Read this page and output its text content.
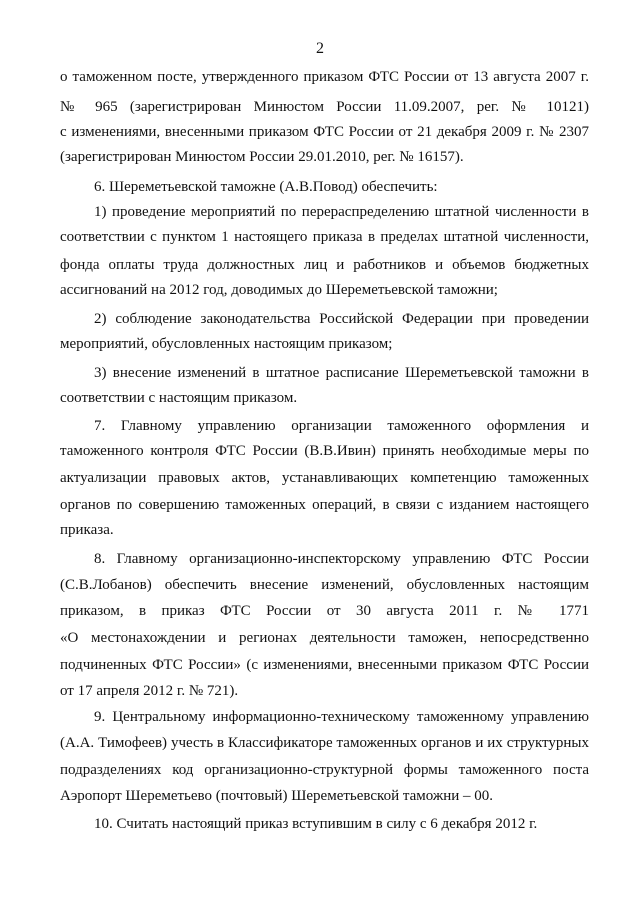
2
о таможенном посте, утвержденного приказом ФТС России от 13 августа 2007 г.
№ 965 (зарегистрирован Минюстом России 11.09.2007, рег. № 10121)
с изменениями, внесенными приказом ФТС России от 21 декабря 2009 г. № 2307
(зарегистрирован Минюстом России 29.01.2010, рег. № 16157).
6. Шереметьевской таможне (А.В.Повод) обеспечить:
1) проведение мероприятий по перераспределению штатной численности в
соответствии с пунктом 1 настоящего приказа в пределах штатной численности,
фонда оплаты труда должностных лиц и работников и объемов бюджетных
ассигнований на 2012 год, доводимых до Шереметьевской таможни;
2) соблюдение законодательства Российской Федерации при проведении
мероприятий, обусловленных настоящим приказом;
3) внесение изменений в штатное расписание Шереметьевской таможни в
соответствии с настоящим приказом.
7. Главному управлению организации таможенного оформления и
таможенного контроля ФТС России (В.В.Ивин) принять необходимые меры по
актуализации правовых актов, устанавливающих компетенцию таможенных
органов по совершению таможенных операций, в связи с изданием настоящего
приказа.
8. Главному организационно-инспекторскому управлению ФТС России
(С.В.Лобанов) обеспечить внесение изменений, обусловленных настоящим
приказом, в приказ ФТС России от 30 августа 2011 г. № 1771
«О местонахождении и регионах деятельности таможен, непосредственно
подчиненных ФТС России» (с изменениями, внесенными приказом ФТС России
от 17 апреля 2012 г. № 721).
9. Центральному информационно-техническому таможенному управлению
(А.А. Тимофеев) учесть в Классификаторе таможенных органов и их структурных
подразделениях код организационно-структурной формы таможенного поста
Аэропорт Шереметьево (почтовый) Шереметьевской таможни – 00.
10. Считать настоящий приказ вступившим в силу с 6 декабря 2012 г.
